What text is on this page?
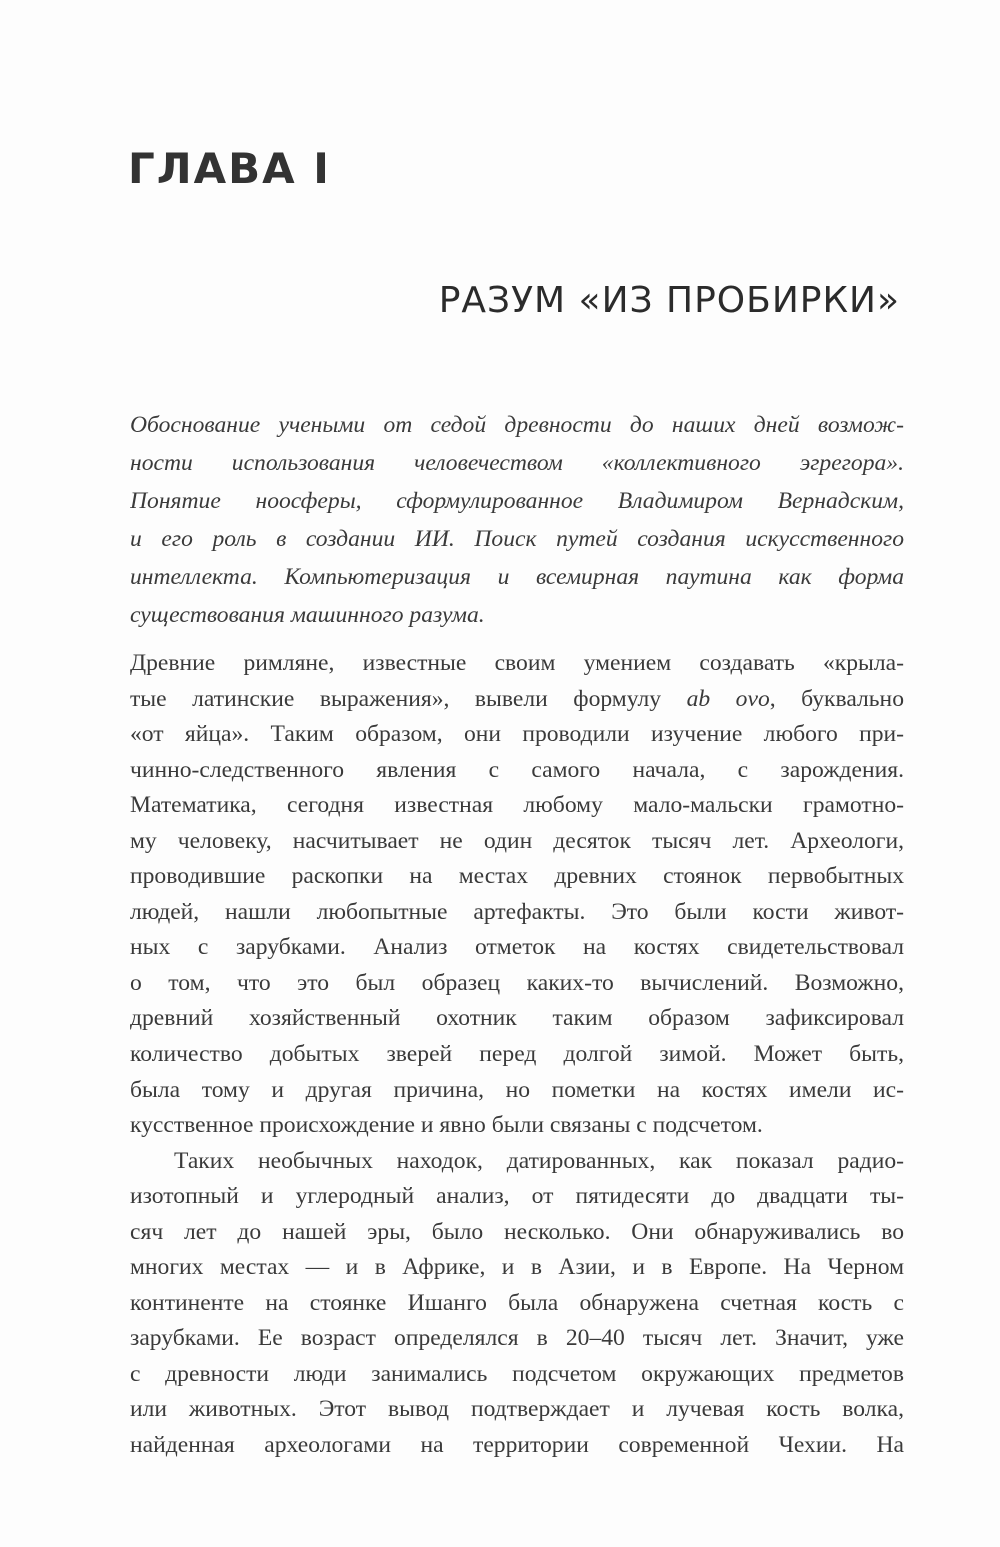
ГЛАВА I
РАЗУМ «ИЗ ПРОБИРКИ»
Обоснование учеными от седой древности до наших дней возмож-
ности использования человечеством «коллективного эгрегора».
Понятие ноосферы, сформулированное Владимиром Вернадским,
и его роль в создании ИИ. Поиск путей создания искусственного
интеллекта. Компьютеризация и всемирная паутина как форма
существования машинного разума.
Древние римляне, известные своим умением создавать «крыла-
тые латинские выражения», вывели формулу ab ovo, буквально
«от яйца». Таким образом, они проводили изучение любого при-
чинно-следственного явления с самого начала, с зарождения.
Математика, сегодня известная любому мало-мальски грамотно-
му человеку, насчитывает не один десяток тысяч лет. Археологи,
проводившие раскопки на местах древних стоянок первобытных
людей, нашли любопытные артефакты. Это были кости живот-
ных с зарубками. Анализ отметок на костях свидетельствовал
о том, что это был образец каких-то вычислений. Возможно,
древний хозяйственный охотник таким образом зафиксировал
количество добытых зверей перед долгой зимой. Может быть,
была тому и другая причина, но пометки на костях имели ис-
кусственное происхождение и явно были связаны с подсчетом.
Таких необычных находок, датированных, как показал радио-
изотопный и углеродный анализ, от пятидесяти до двадцати ты-
сяч лет до нашей эры, было несколько. Они обнаруживались во
многих местах — и в Африке, и в Азии, и в Европе. На Черном
континенте на стоянке Ишанго была обнаружена счетная кость с
зарубками. Ее возраст определялся в 20–40 тысяч лет. Значит, уже
с древности люди занимались подсчетом окружающих предметов
или животных. Этот вывод подтверждает и лучевая кость волка,
найденная археологами на территории современной Чехии. На
